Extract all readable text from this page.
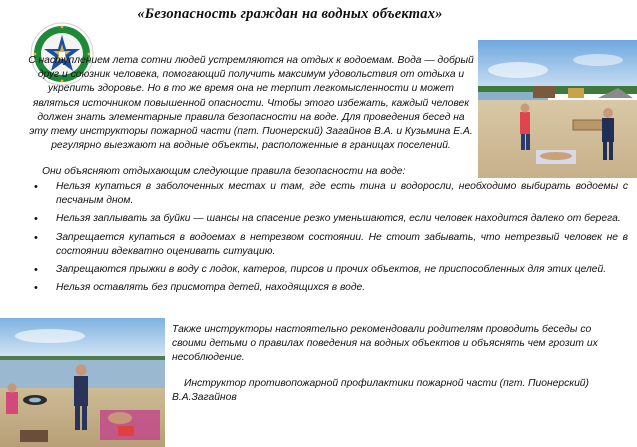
«Безопасность граждан на водных объектах»

С наступлением лета сотни людей устремляются на отдых к водоемам. Вода — добрый друг и союзник человека, помогающий получить максимум удовольствия от отдыха и укрепить здоровье. Но в то же время она не терпит легкомысленности и может являться источником повышенной опасности. Чтобы этого избежать, каждый человек должен знать элементарные правила безопасности на воде. Для проведения бесед на эту тему инструкторы пожарной части (пгт. Пионерский) Загайнов В.А. и Кузьмина Е.А. регулярно выезжают на водные объекты, расположенные в границах поселений.

Они объясняют отдыхающим следующие правила безопасности на воде:
• Нельзя купаться в заболоченных местах и там, где есть тина и водоросли, необходимо выбирать водоемы с песчаным дном.
• Нельзя заплывать за буйки — шансы на спасение резко уменьшаются, если человек находится далеко от берега.
• Запрещается купаться в водоемах в нетрезвом состоянии. Не стоит забывать, что нетрезвый человек не в состоянии вдекватно оценивать ситуацию.
• Запрещаются прыжки в воду с лодок, катеров, пирсов и прочих объектов, не приспособленных для этих целей.
• Нельзя оставлять без присмотра детей, находящихся в воде.
Также инструкторы настоятельно рекомендовали родителям проводить беседы со своими детьми о правилах поведения на водных объектов и объяснять чем грозит их несоблюдение.
Инструктор противопожарной профилактики пожарной части (пгт. Пионерский)
В.А.Загайнов
